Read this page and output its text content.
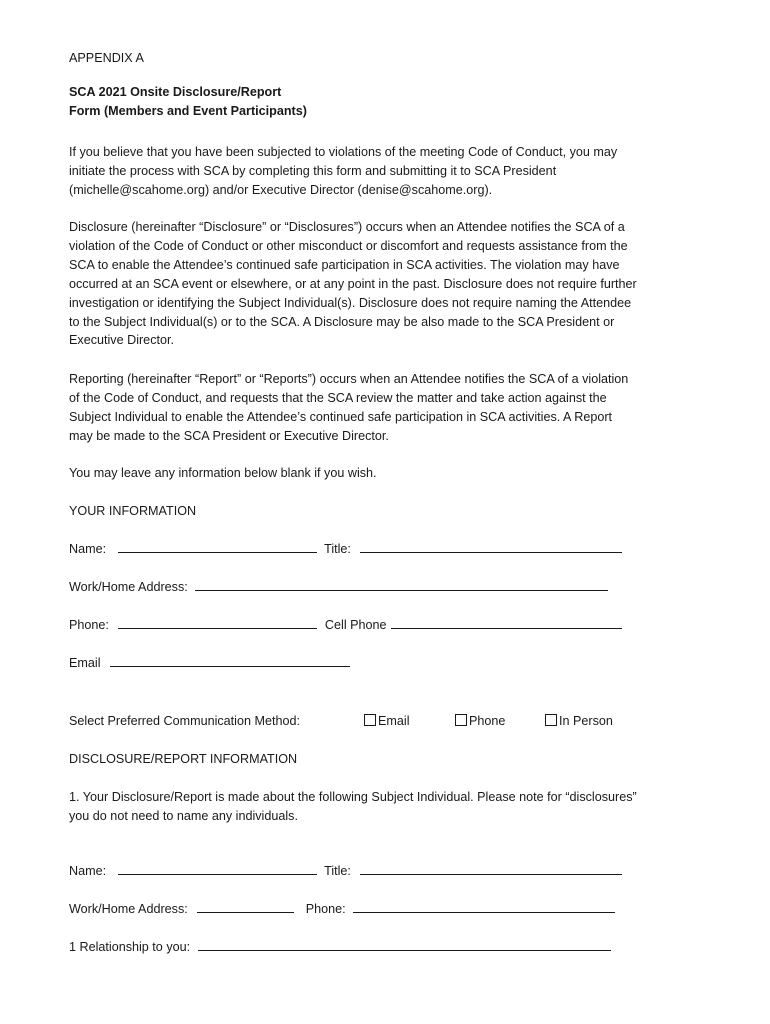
APPENDIX A
SCA 2021 Onsite Disclosure/Report
Form (Members and Event Participants)

If you believe that you have been subjected to violations of the meeting Code of Conduct, you may

initiate the process with SCA by completing this form and submitting it to SCA President

(michelle@scahome.org) and/or Executive Director (denise@scahome.org).

Disclosure (hereinafter “Disclosure” or “Disclosures”) occurs when an Attendee notifies the SCA of a

violation of the Code of Conduct or other misconduct or discomfort and requests assistance from the

SCA to enable the Attendee’s continued safe participation in SCA activities. The violation may have

occurred at an SCA event or elsewhere, or at any point in the past. Disclosure does not require further

investigation or identifying the Subject Individual(s). Disclosure does not require naming the Attendee

to the Subject Individual(s) or to the SCA. A Disclosure may be also made to the SCA President or

Executive Director.

Reporting (hereinafter “Report” or “Reports”) occurs when an Attendee notifies the SCA of a violation

of the Code of Conduct, and requests that the SCA review the matter and take action against the

Subject Individual to enable the Attendee’s continued safe participation in SCA activities. A Report

may be made to the SCA President or Executive Director.

You may leave any information below blank if you wish.
YOUR INFORMATION
Name:	Title:
Work/Home Address:
Phone:	Cell Phone
Email
Select Preferred Communication Method:	Email	Phone	In Person
DISCLOSURE/REPORT INFORMATION

1. Your Disclosure/Report is made about the following Subject Individual. Please note for “disclosures”

you do not need to name any individuals.

Name:	Title:
Work/Home Address:	Phone:
1 Relationship to you:
